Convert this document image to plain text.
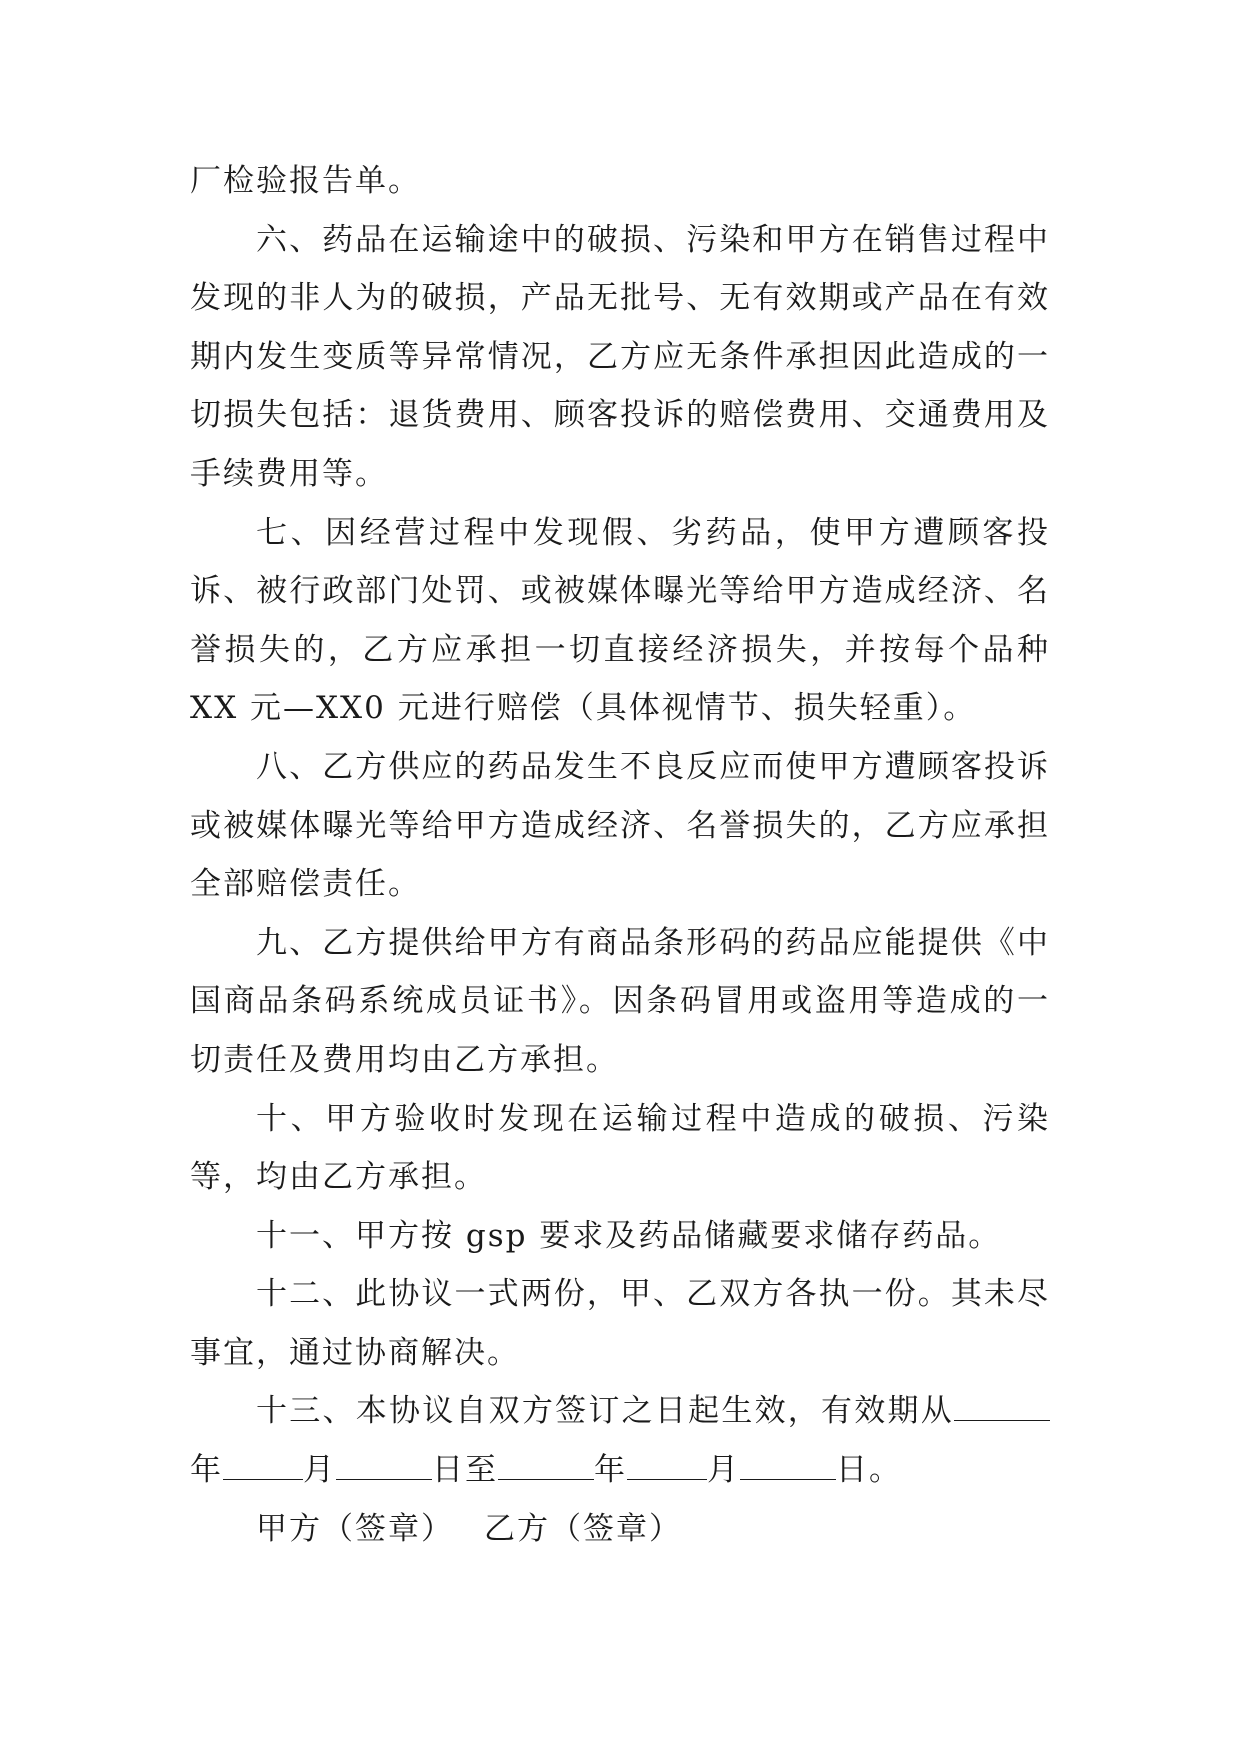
厂检验报告单。

六、药品在运输途中的破损、污染和甲方在销售过程中发现的非人为的破损，产品无批号、无有效期或产品在有效期内发生变质等异常情况，乙方应无条件承担因此造成的一切损失包括：退货费用、顾客投诉的赔偿费用、交通费用及手续费用等。

七、因经营过程中发现假、劣药品，使甲方遭顾客投诉、被行政部门处罚、或被媒体曝光等给甲方造成经济、名誉损失的，乙方应承担一切直接经济损失，并按每个品种 XX 元—XX0 元进行赔偿（具体视情节、损失轻重）。

八、乙方供应的药品发生不良反应而使甲方遭顾客投诉或被媒体曝光等给甲方造成经济、名誉损失的，乙方应承担全部赔偿责任。

九、乙方提供给甲方有商品条形码的药品应能提供《中国商品条码系统成员证书》。因条码冒用或盗用等造成的一切责任及费用均由乙方承担。

十、甲方验收时发现在运输过程中造成的破损、污染等，均由乙方承担。

十一、甲方按 gsp 要求及药品储藏要求储存药品。

十二、此协议一式两份，甲、乙双方各执一份。其未尽事宜，通过协商解决。

十三、本协议自双方签订之日起生效，有效期从年	月	日至	年	月	日。

甲方（签章） 乙方（签章）
